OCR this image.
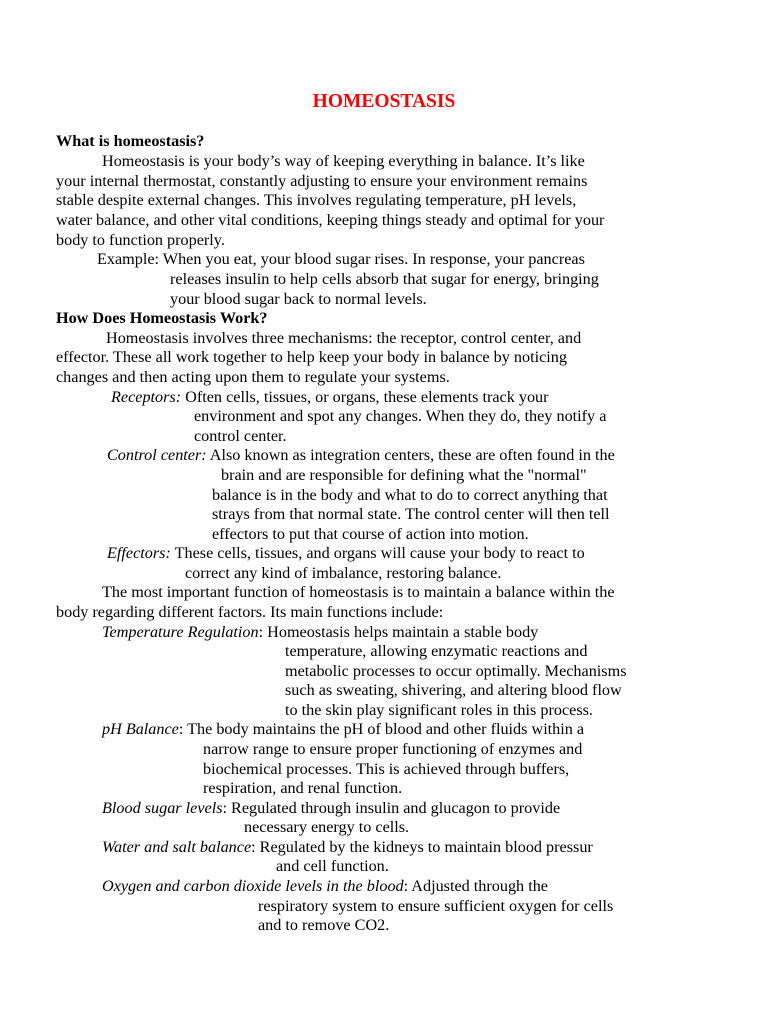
HOMEOSTASIS
What is homeostasis?
Homeostasis is your body’s way of keeping everything in balance. It’s like
your internal thermostat, constantly adjusting to ensure your environment remains
stable despite external changes. This involves regulating temperature, pH levels,
water balance, and other vital conditions, keeping things steady and optimal for your
body to function properly.
Example: When you eat, your blood sugar rises. In response, your pancreas
releases insulin to help cells absorb that sugar for energy, bringing
your blood sugar back to normal levels.
How Does Homeostasis Work?
Homeostasis involves three mechanisms: the receptor, control center, and
effector. These all work together to help keep your body in balance by noticing
changes and then acting upon them to regulate your systems.
Receptors: Often cells, tissues, or organs, these elements track your
environment and spot any changes. When they do, they notify a
control center.
Control center: Also known as integration centers, these are often found in the
brain and are responsible for defining what the "normal"
balance is in the body and what to do to correct anything that
strays from that normal state. The control center will then tell
effectors to put that course of action into motion.
Effectors: These cells, tissues, and organs will cause your body to react to
correct any kind of imbalance, restoring balance.
The most important function of homeostasis is to maintain a balance within the
body regarding different factors. Its main functions include:
Temperature Regulation: Homeostasis helps maintain a stable body
temperature, allowing enzymatic reactions and
metabolic processes to occur optimally. Mechanisms
such as sweating, shivering, and altering blood flow
to the skin play significant roles in this process.
pH Balance: The body maintains the pH of blood and other fluids within a
narrow range to ensure proper functioning of enzymes and
biochemical processes. This is achieved through buffers,
respiration, and renal function.
Blood sugar levels: Regulated through insulin and glucagon to provide
necessary energy to cells.
Water and salt balance: Regulated by the kidneys to maintain blood pressur
and cell function.
Oxygen and carbon dioxide levels in the blood: Adjusted through the
respiratory system to ensure sufficient oxygen for cells
and to remove CO2.
